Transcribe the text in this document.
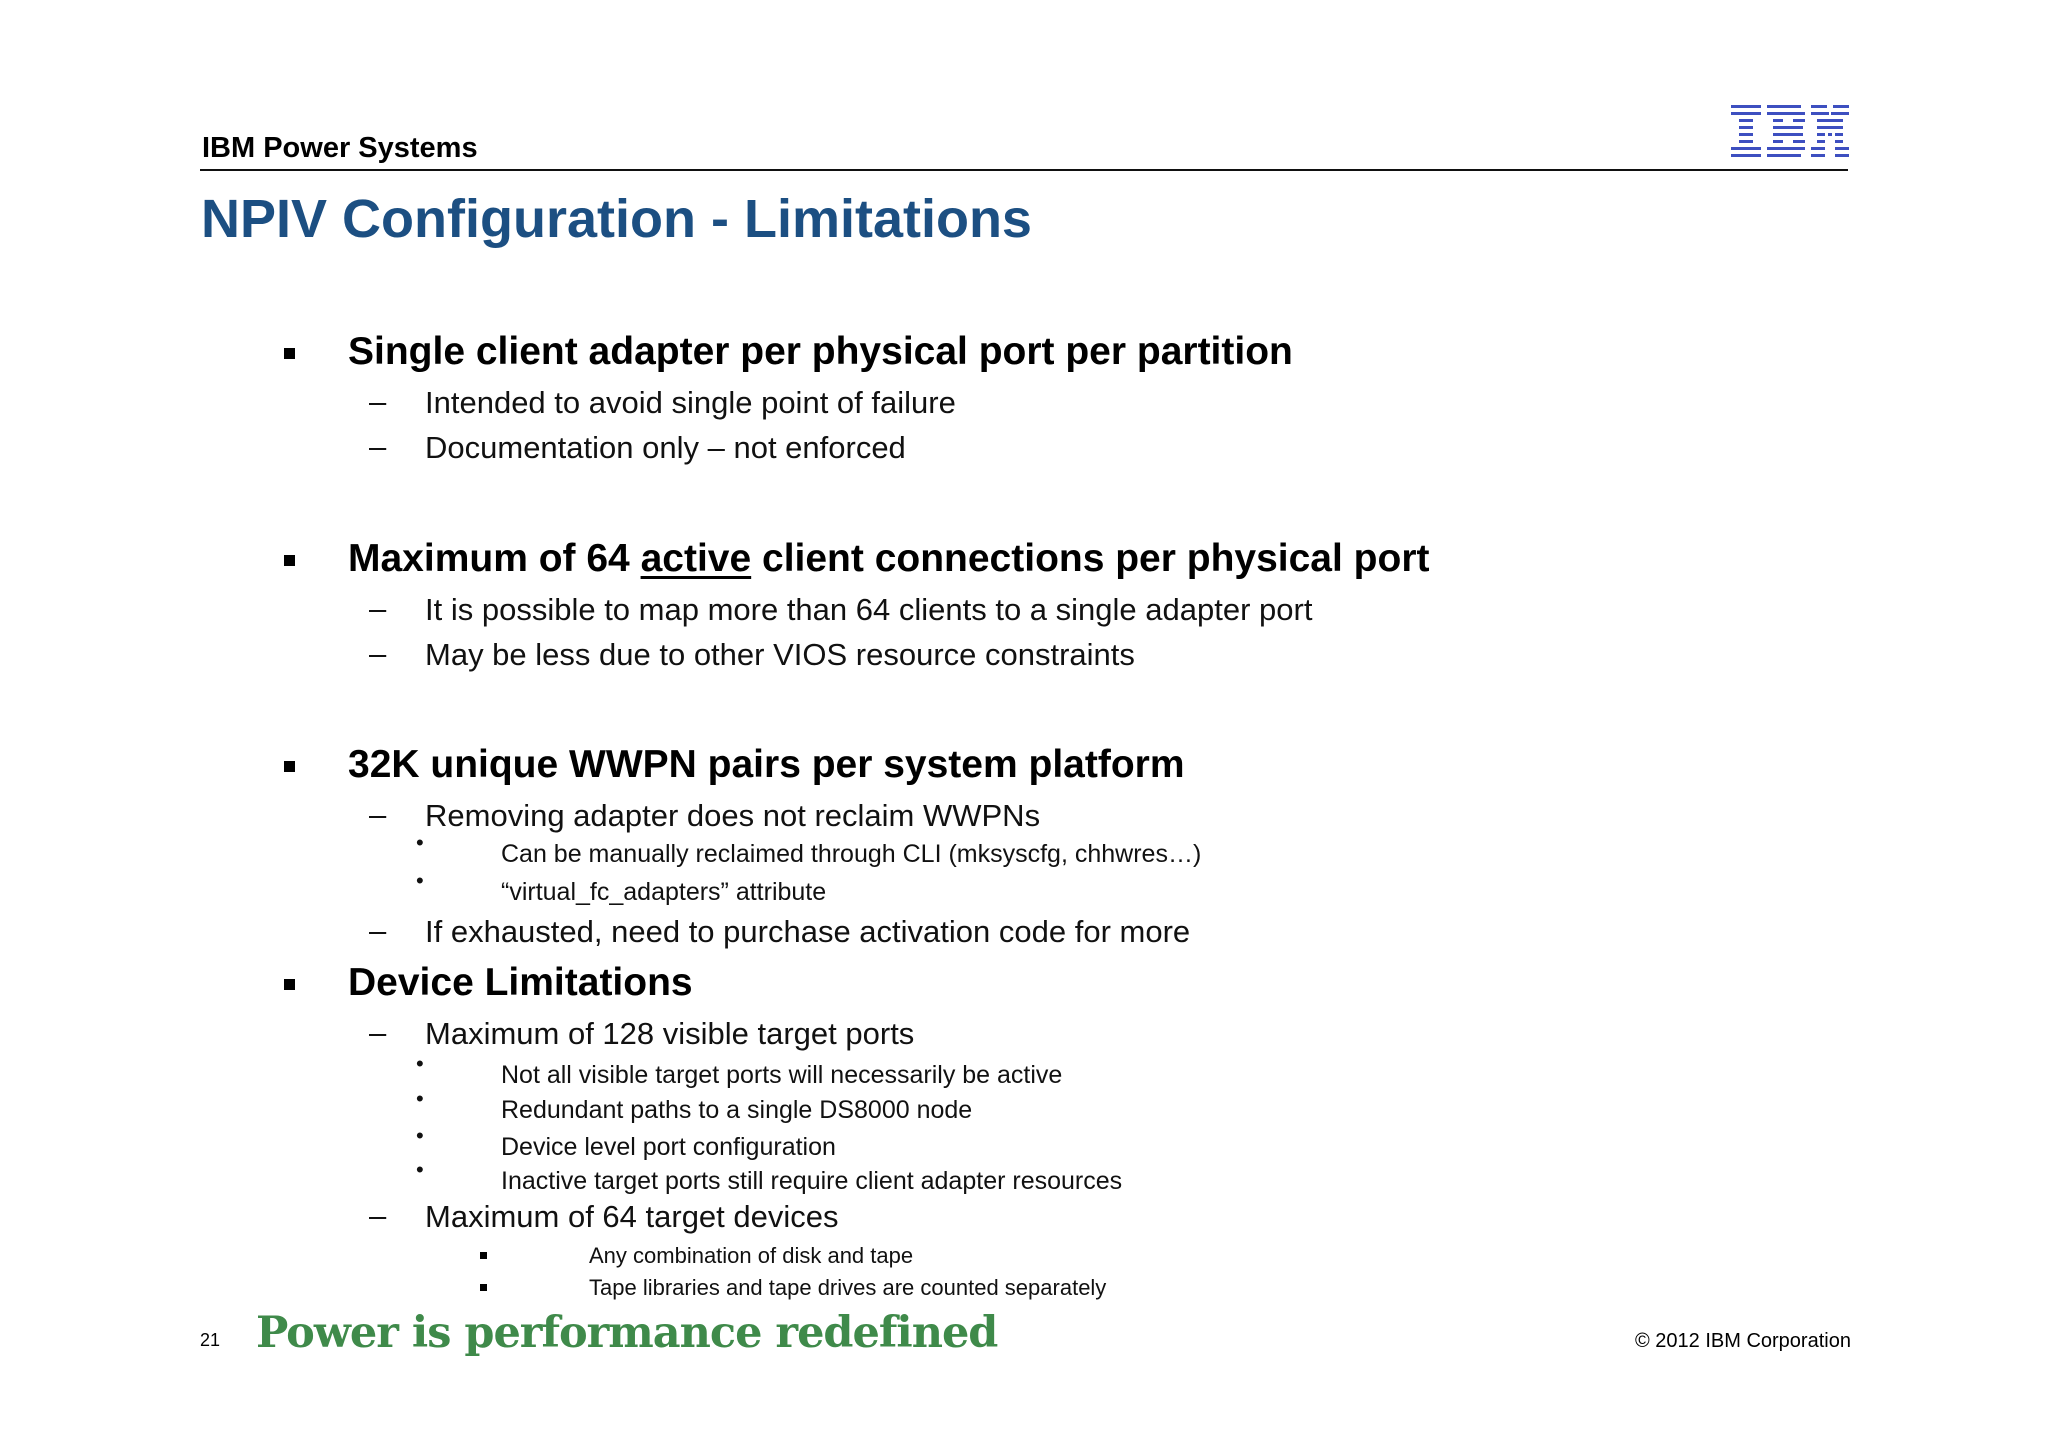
IBM Power Systems
NPIV Configuration - Limitations
Single client adapter per physical port per partition
– Intended to avoid single point of failure
– Documentation only – not enforced
Maximum of 64 active client connections per physical port
– It is possible to map more than 64 clients to a single adapter port
– May be less due to other VIOS resource constraints
32K unique WWPN pairs per system platform
– Removing adapter does not reclaim WWPNs
•	Can be manually reclaimed through CLI (mksyscfg, chhwres…)
•	“virtual_fc_adapters” attribute
– If exhausted, need to purchase activation code for more
Device Limitations
– Maximum of 128 visible target ports
•	Not all visible target ports will necessarily be active
•	Redundant paths to a single DS8000 node
•	Device level port configuration
•	Inactive target ports still require client adapter resources
– Maximum of 64 target devices
Any combination of disk and tape
Tape libraries and tape drives are counted separately
21 Power is performance redefined	© 2012 IBM Corporation
